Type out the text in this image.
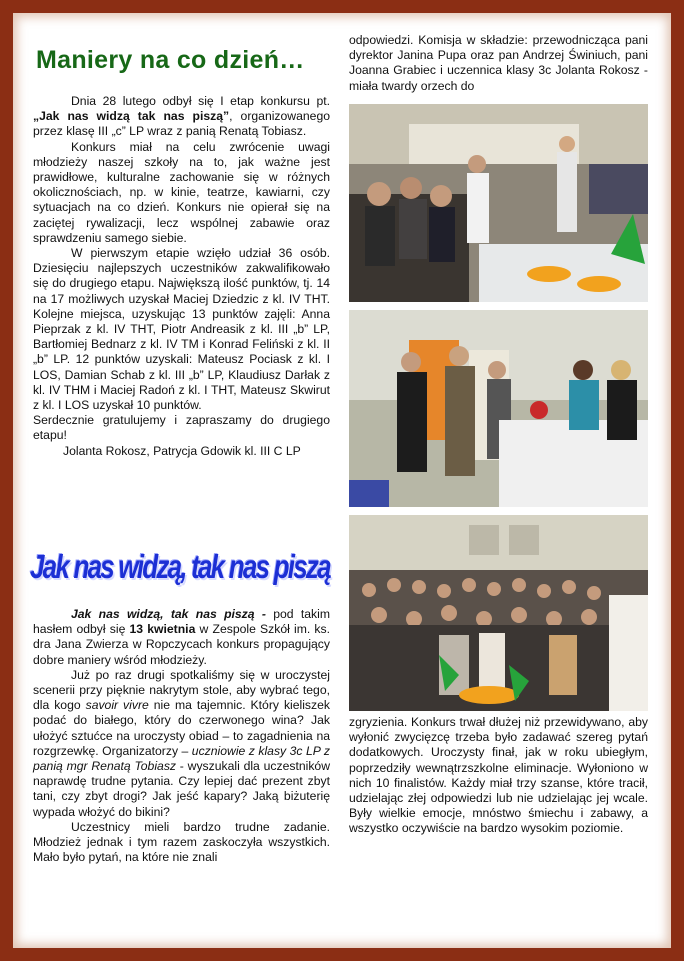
Maniery na co dzień…

Dnia 28 lutego odbył się I etap konkursu pt. „Jak nas widzą tak nas piszą”, organizowanego przez klasę III „c” LP wraz z panią Renatą Tobiasz.

Konkurs miał na celu zwrócenie uwagi młodzieży naszej szkoły na to, jak ważne jest prawidłowe, kulturalne zachowanie się w różnych okolicznościach, np. w kinie, teatrze, kawiarni, czy sytuacjach na co dzień. Konkurs nie opierał się na zaciętej rywalizacji, lecz wspólnej zabawie oraz sprawdzeniu samego siebie.

W pierwszym etapie wzięło udział 36 osób. Dziesięciu najlepszych uczestników zakwalifikowało się do drugiego etapu. Największą ilość punktów, tj. 14 na 17 możliwych uzyskał Maciej Dziedzic z kl. IV THT. Kolejne miejsca, uzyskując 13 punktów zajęli: Anna Pieprzak z kl. IV THT, Piotr Andreasik z kl. III „b” LP, Bartłomiej Bednarz z kl. IV TM i Konrad Feliński z kl. II „b” LP. 12 punktów uzyskali: Mateusz Pociask z kl. I LOS, Damian Schab z kl. III „b” LP, Klaudiusz Darłak z kl. IV THM i Maciej Radoń z kl. I THT, Mateusz Skwirut z kl. I LOS uzyskał 10 punktów.

Serdecznie gratulujemy i zapraszamy do drugiego etapu!

Jolanta Rokosz, Patrycja Gdowik kl. III C LP

Jak nas widzą, tak nas piszą

Jak nas widzą, tak nas piszą - pod takim hasłem odbył się 13 kwietnia w Zespole Szkół im. ks. dra Jana Zwierza w Ropczycach konkurs propagujący dobre maniery wśród młodzieży.

Już po raz drugi spotkaliśmy się w uroczystej scenerii przy pięknie nakrytym stole, aby wybrać tego, dla kogo savoir vivre nie ma tajemnic. Który kieliszek podać do białego, który do czerwonego wina? Jak ułożyć sztućce na uroczysty obiad – to zagadnienia na rozgrzewkę. Organizatorzy – uczniowie z klasy 3c LP z panią mgr Renatą Tobiasz - wyszukali dla uczestników naprawdę trudne pytania. Czy lepiej dać prezent zbyt tani, czy zbyt drogi? Jak jeść kapary? Jaką biżuterię wypada włożyć do bikini?

Uczestnicy mieli bardzo trudne zadanie. Młodzież jednak i tym razem zaskoczyła wszystkich. Mało było pytań, na które nie znali

odpowiedzi. Komisja w składzie: przewodnicząca pani dyrektor Janina Pupa oraz pan Andrzej Świniuch, pani Joanna Grabiec i uczennica klasy 3c Jolanta Rokosz - miała twardy orzech do
zgryzienia. Konkurs trwał dłużej niż przewidywano, aby wyłonić zwycięzcę trzeba było zadawać szereg pytań dodatkowych. Uroczysty finał, jak w roku ubiegłym, poprzedziły wewnątrzszkolne eliminacje. Wyłoniono w nich 10 finalistów. Każdy miał trzy szanse, które tracił, udzielając złej odpowiedzi lub nie udzielając jej wcale. Były wielkie emocje, mnóstwo śmiechu i zabawy, a wszystko oczywiście na bardzo wysokim poziomie.
